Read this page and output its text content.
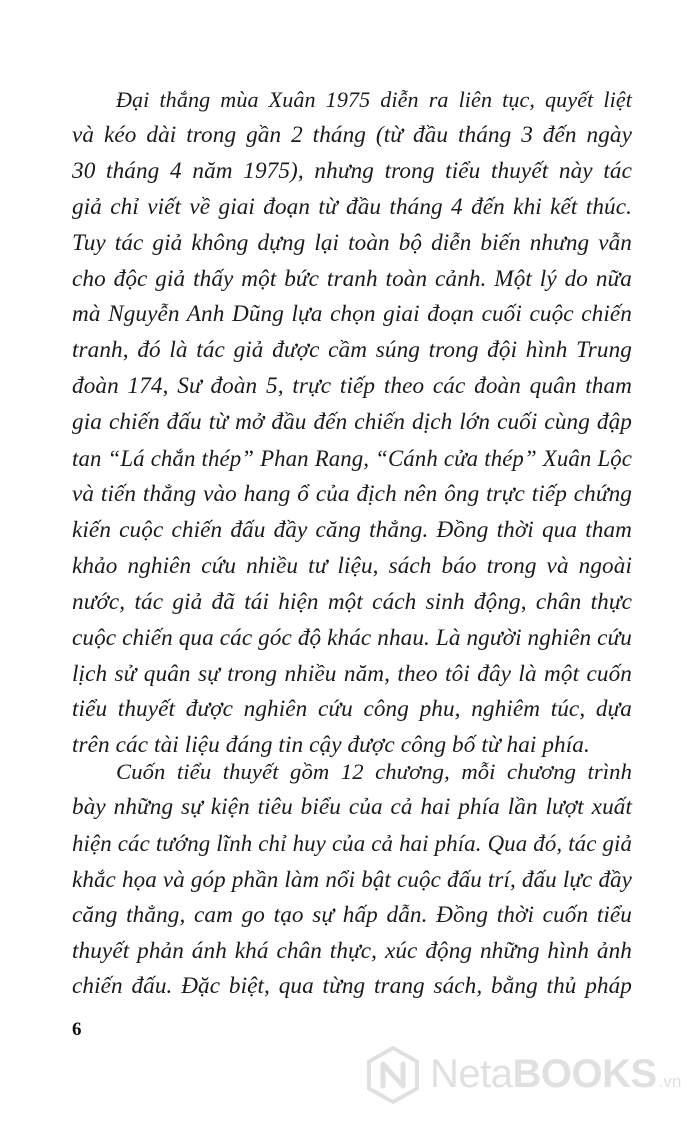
Đại thắng mùa Xuân 1975 diễn ra liên tục, quyết liệt
và kéo dài trong gần 2 tháng (từ đầu tháng 3 đến ngày
30 tháng 4 năm 1975), nhưng trong tiểu thuyết này tác
giả chỉ viết về giai đoạn từ đầu tháng 4 đến khi kết thúc.
Tuy tác giả không dựng lại toàn bộ diễn biến nhưng vẫn
cho độc giả thấy một bức tranh toàn cảnh. Một lý do nữa
mà Nguyễn Anh Dũng lựa chọn giai đoạn cuối cuộc chiến
tranh, đó là tác giả được cầm súng trong đội hình Trung
đoàn 174, Sư đoàn 5, trực tiếp theo các đoàn quân tham
gia chiến đấu từ mở đầu đến chiến dịch lớn cuối cùng đập
tan “Lá chắn thép” Phan Rang, “Cánh cửa thép” Xuân Lộc
và tiến thẳng vào hang ổ của địch nên ông trực tiếp chứng
kiến cuộc chiến đấu đầy căng thẳng. Đồng thời qua tham
khảo nghiên cứu nhiều tư liệu, sách báo trong và ngoài
nước, tác giả đã tái hiện một cách sinh động, chân thực
cuộc chiến qua các góc độ khác nhau. Là người nghiên cứu
lịch sử quân sự trong nhiều năm, theo tôi đây là một cuốn
tiểu thuyết được nghiên cứu công phu, nghiêm túc, dựa
trên các tài liệu đáng tin cậy được công bố từ hai phía.

Cuốn tiểu thuyết gồm 12 chương, mỗi chương trình
bày những sự kiện tiêu biểu của cả hai phía lần lượt xuất
hiện các tướng lĩnh chỉ huy của cả hai phía. Qua đó, tác giả
khắc họa và góp phần làm nổi bật cuộc đấu trí, đấu lực đầy
căng thẳng, cam go tạo sự hấp dẫn. Đồng thời cuốn tiểu
thuyết phản ánh khá chân thực, xúc động những hình ảnh
chiến đấu. Đặc biệt, qua từng trang sách, bằng thủ pháp

6
NetaBOOKS .vn
